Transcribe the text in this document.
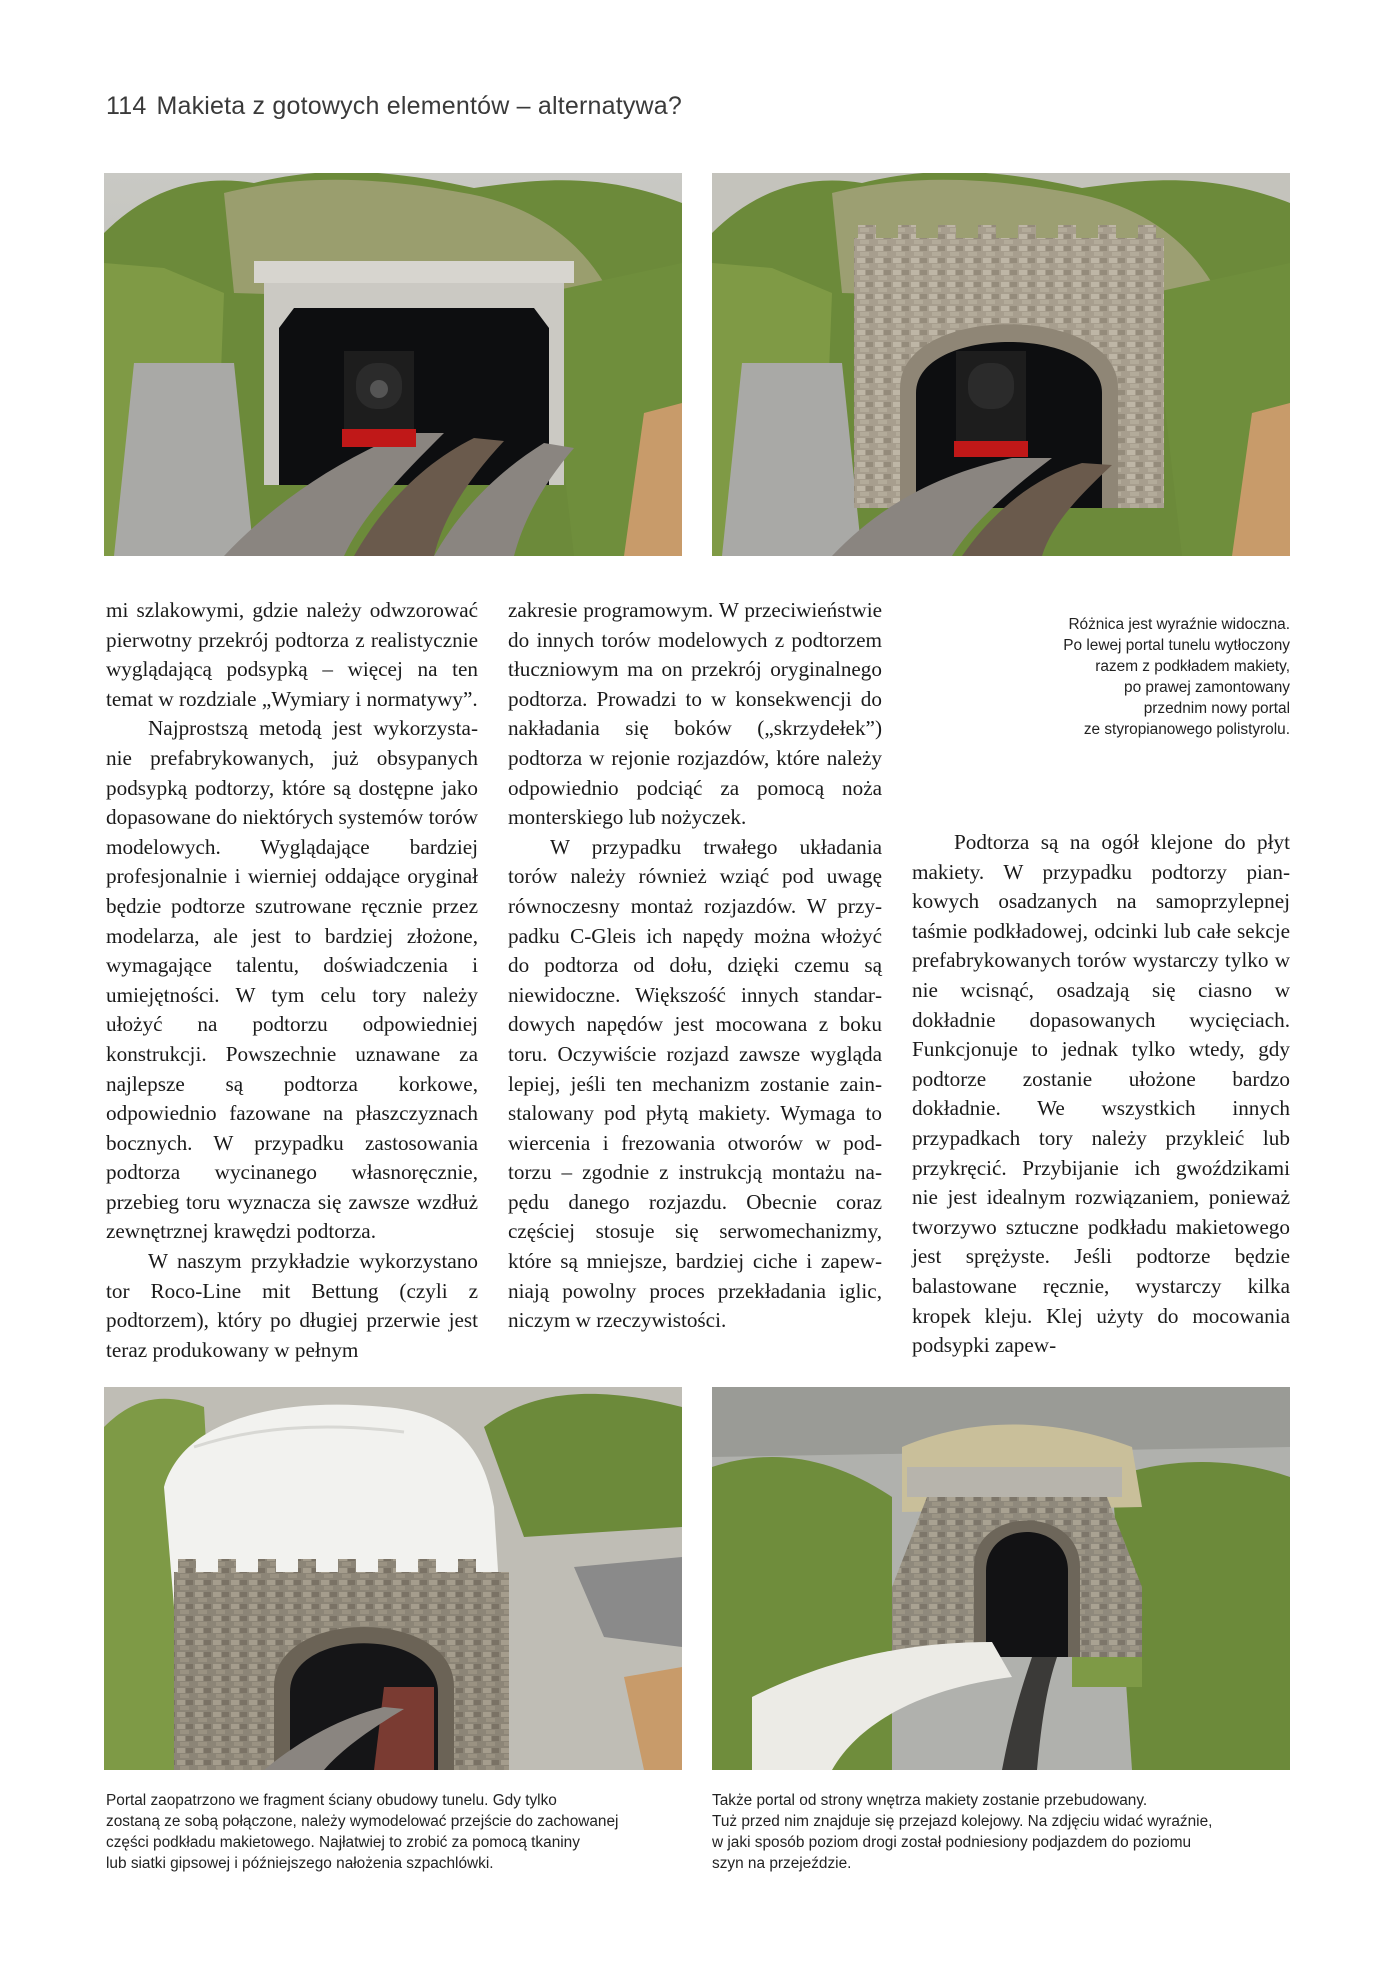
114 Makieta z gotowych elementów – alternatywa?
Różnica jest wyraźnie widoczna.
Po lewej portal tunelu wytłoczony
razem z podkładem makiety,
po prawej zamontowany
przednim nowy portal
ze styropianowego polistyrolu.

mi szlakowymi, gdzie należy odwzorować pierwotny przekrój podtorza z realistycznie wyglądającą podsypką – więcej na ten temat w rozdziale „Wymiary i normatywy”.

Najprostszą metodą jest wykorzystanie prefabrykowanych, już obsypanych podsypką podtorzy, które są dostępne jako dopasowane do niektórych systemów torów modelowych. Wyglądające bardziej profesjonalnie i wierniej oddające oryginał będzie podtorze szutrowane ręcznie przez modelarza, ale jest to bardziej złożone, wymagające talentu, doświadczenia i umiejętności. W tym celu tory należy ułożyć na podtorzu odpowiedniej konstrukcji. Powszechnie uznawane za najlepsze są podtorza korkowe, odpowiednio fazowane na płaszczyznach bocznych. W przypadku zastosowania podtorza wycinanego własnoręcznie, przebieg toru wyznacza się zawsze wzdłuż zewnętrznej krawędzi podtorza.

W naszym przykładzie wykorzystano tor Roco-Line mit Bettung (czyli z podtorzem), który po długiej przerwie jest teraz produkowany w pełnym

zakresie programowym. W przeciwieństwie do innych torów modelowych z podtorzem tłuczniowym ma on przekrój oryginalnego podtorza. Prowadzi to w konsekwencji do nakładania się boków („skrzydełek”) podtorza w rejonie rozjazdów, które należy odpowiednio podciąć za pomocą noża monterskiego lub nożyczek.

W przypadku trwałego układania torów należy również wziąć pod uwagę równoczesny montaż rozjazdów. W przypadku C-Gleis ich napędy można włożyć do podtorza od dołu, dzięki czemu są niewidoczne. Większość innych standardowych napędów jest mocowana z boku toru. Oczywiście rozjazd zawsze wygląda lepiej, jeśli ten mechanizm zostanie zainstalowany pod płytą makiety. Wymaga to wiercenia i frezowania otworów w podtorzu – zgodnie z instrukcją montażu napędu danego rozjazdu. Obecnie coraz częściej stosuje się serwomechanizmy, które są mniejsze, bardziej ciche i zapewniają powolny proces przekładania iglic, niczym w rzeczywistości.

Podtorza są na ogół klejone do płyt makiety. W przypadku podtorzy piankowych osadzanych na samoprzylepnej taśmie podkładowej, odcinki lub całe sekcje prefabrykowanych torów wystarczy tylko w nie wcisnąć, osadzają się ciasno w dokładnie dopasowanych wycięciach. Funkcjonuje to jednak tylko wtedy, gdy podtorze zostanie ułożone bardzo dokładnie. We wszystkich innych przypadkach tory należy przykleić lub przykręcić. Przybijanie ich gwoździkami nie jest idealnym rozwiązaniem, ponieważ tworzywo sztuczne podkładu makietowego jest sprężyste. Jeśli podtorze będzie balastowane ręcznie, wystarczy kilka kropek kleju. Klej użyty do mocowania podsypki zapew-

Portal zaopatrzono we fragment ściany obudowy tunelu. Gdy tylko
zostaną ze sobą połączone, należy wymodelować przejście do zachowanej
części podkładu makietowego. Najłatwiej to zrobić za pomocą tkaniny
lub siatki gipsowej i późniejszego nałożenia szpachlówki.
Także portal od strony wnętrza makiety zostanie przebudowany.
Tuż przed nim znajduje się przejazd kolejowy. Na zdjęciu widać wyraźnie,
w jaki sposób poziom drogi został podniesiony podjazdem do poziomu
szyn na przejeździe.
